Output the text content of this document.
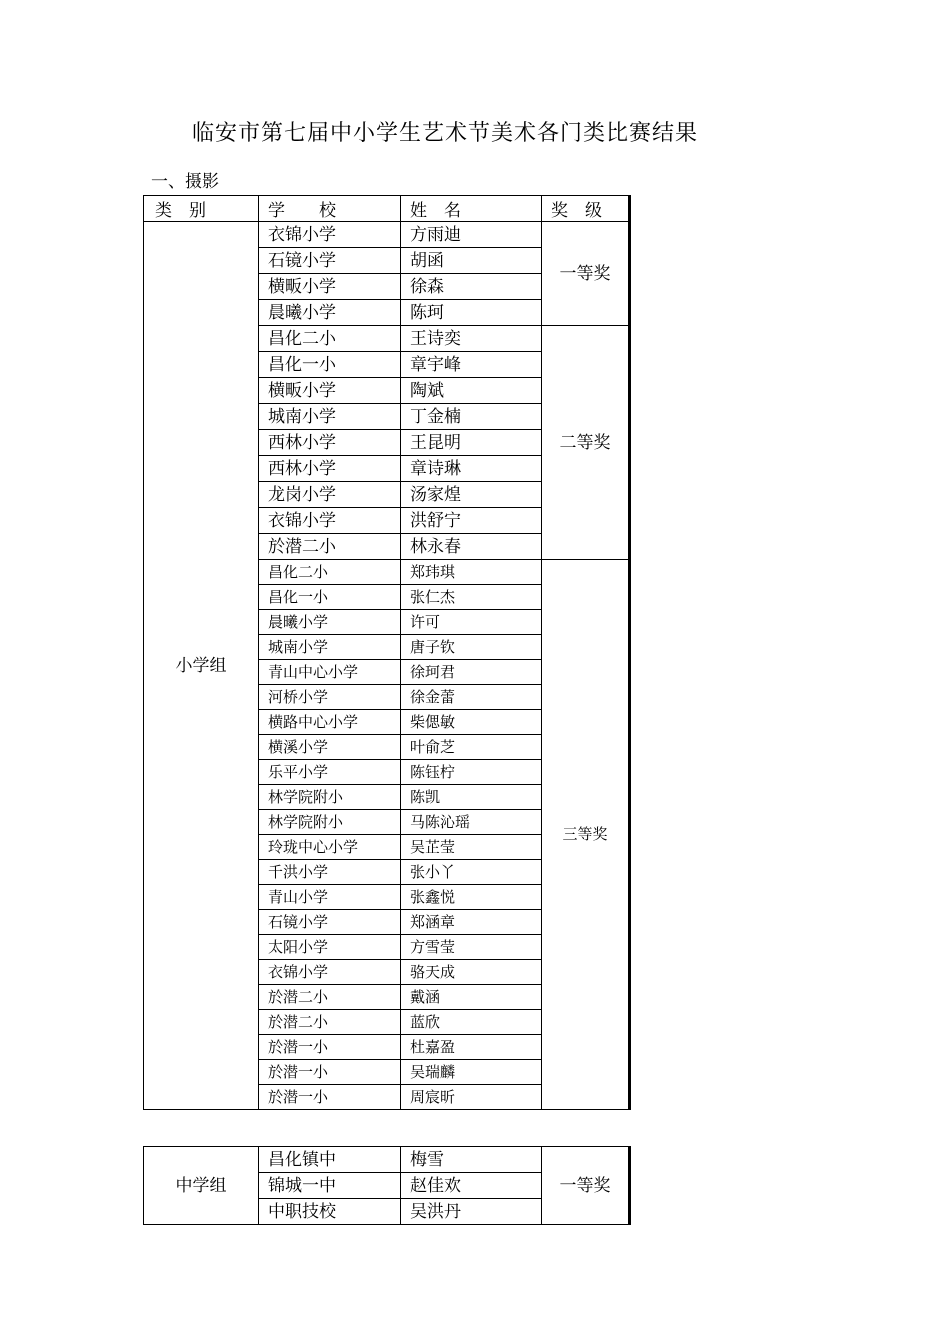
临安市第七届中小学生艺术节美术各门类比赛结果
一、摄影
类　别	学　　校	姓　名	奖　级
小学组	衣锦小学	方雨迪	一等奖
	石镜小学	胡函	
	横畈小学	徐森	
	晨曦小学	陈珂	
	昌化二小	王诗奕	二等奖
	昌化一小	章宇峰	
	横畈小学	陶斌	
	城南小学	丁金楠	
	西林小学	王昆明	
	西林小学	章诗琳	
	龙岗小学	汤家煌	
	衣锦小学	洪舒宁	
	於潜二小	林永春	
	昌化二小	郑玮琪	三等奖
	昌化一小	张仁杰	
	晨曦小学	许可	
	城南小学	唐子钦	
	青山中心小学	徐珂君	
	河桥小学	徐金蕾	
	横路中心小学	柴偲敏	
	横溪小学	叶俞芝	
	乐平小学	陈钰柠	
	林学院附小	陈凯	
	林学院附小	马陈沁瑶	
	玲珑中心小学	吴芷莹	
	千洪小学	张小丫	
	青山小学	张鑫悦	
	石镜小学	郑涵章	
	太阳小学	方雪莹	
	衣锦小学	骆天成	
	於潜二小	戴涵	
	於潜二小	蓝欣	
	於潜一小	杜嘉盈	
	於潜一小	吴瑞麟	
	於潜一小	周宸昕	
中学组	昌化镇中	梅雪	一等奖
	锦城一中	赵佳欢	
	中职技校	吴洪丹	
